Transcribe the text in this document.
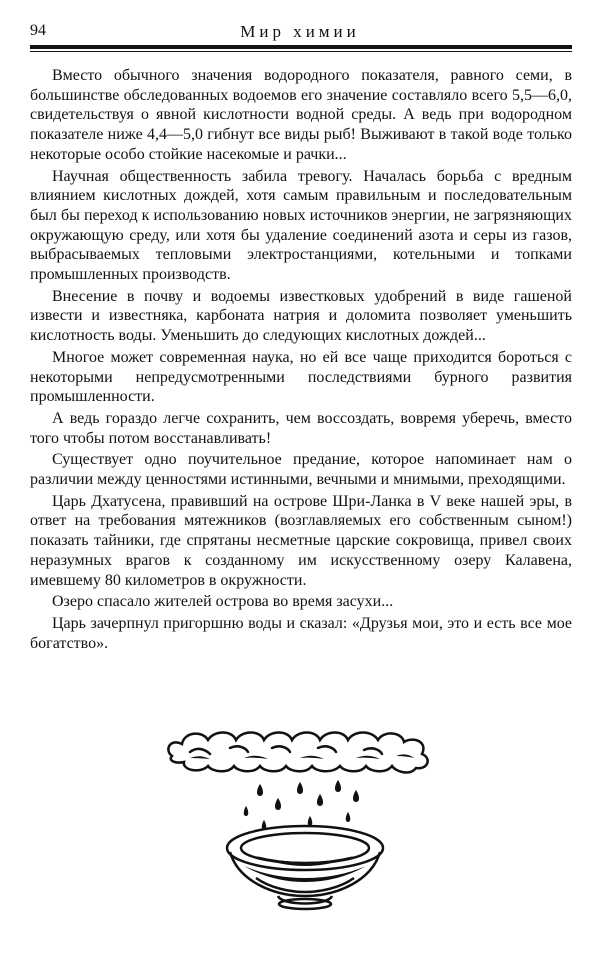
94	Мир химии

Вместо обычного значения водородного показателя, равного семи, в большинстве обследованных водоемов его значение составляло всего 5,5—6,0, свидетельствуя о явной кислотности водной среды. А ведь при водородном показателе ниже 4,4—5,0 гибнут все виды рыб! Выживают в такой воде только некоторые особо стойкие насекомые и рачки...

Научная общественность забила тревогу. Началась борьба с вредным влиянием кислотных дождей, хотя самым правильным и последовательным был бы переход к использованию новых источников энергии, не загрязняющих окружающую среду, или хотя бы удаление соединений азота и серы из газов, выбрасываемых тепловыми электростанциями, котельными и топками промышленных производств.

Внесение в почву и водоемы известковых удобрений в виде гашеной извести и известняка, карбоната натрия и доломита позволяет уменьшить кислотность воды. Уменьшить до следующих кислотных дождей...

Многое может современная наука, но ей все чаще приходится бороться с некоторыми непредусмотренными последствиями бурного развития промышленности.

А ведь гораздо легче сохранить, чем воссоздать, вовремя уберечь, вместо того чтобы потом восстанавливать!

Существует одно поучительное предание, которое напоминает нам о различии между ценностями истинными, вечными и мнимыми, преходящими.

Царь Дхатусена, правивший на острове Шри-Ланка в V веке нашей эры, в ответ на требования мятежников (возглавляемых его собственным сыном!) показать тайники, где спрятаны несметные царские сокровища, привел своих неразумных врагов к созданному им искусственному озеру Калавена, имевшему 80 километров в окружности.

Озеро спасало жителей острова во время засухи...

Царь зачерпнул пригоршню воды и сказал: «Друзья мои, это и есть все мое богатство».
